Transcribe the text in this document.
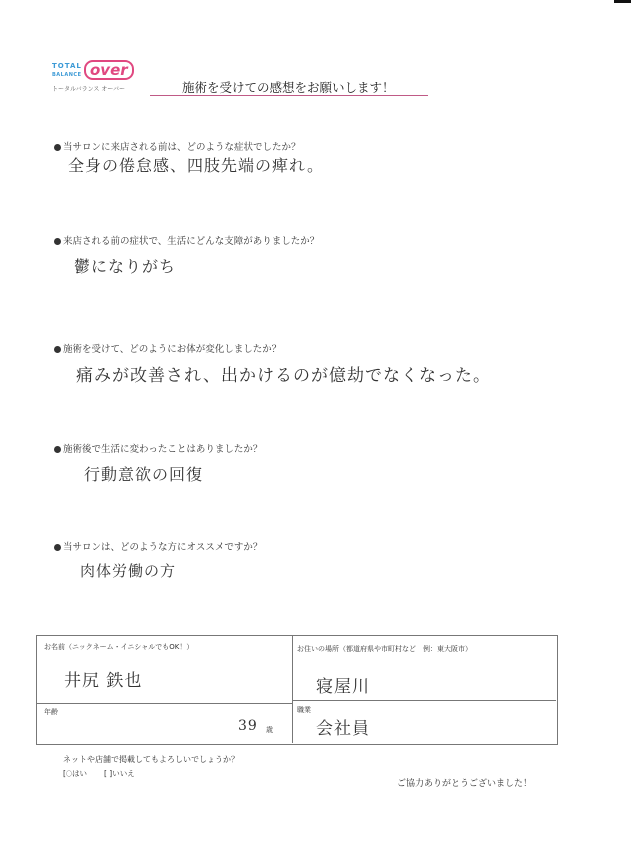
TOTAL
BALANCE over
トータルバランス オーバー	施術を受けての感想をお願いします！
当サロンに来店される前は、どのような症状でしたか？
全身の倦怠感、四肢先端の痺れ。
来店される前の症状で、生活にどんな支障がありましたか？
鬱になりがち
施術を受けて、どのようにお体が変化しましたか？
痛みが改善され、出かけるのが億劫でなくなった。
施術後で生活に変わったことはありましたか？
行動意欲の回復
当サロンは、どのような方にオススメですか？
肉体労働の方
お名前（ニックネーム・イニシャルでもOK！）
井尻 鉄也
お住いの場所（都道府県や市町村など　例：東大阪市）
寝屋川
年齢
39 歳
職業
会社員
ネットや店舗で掲載してもよろしいでしょうか？
[〇はい [ ]いいえ
ご協力ありがとうございました！
